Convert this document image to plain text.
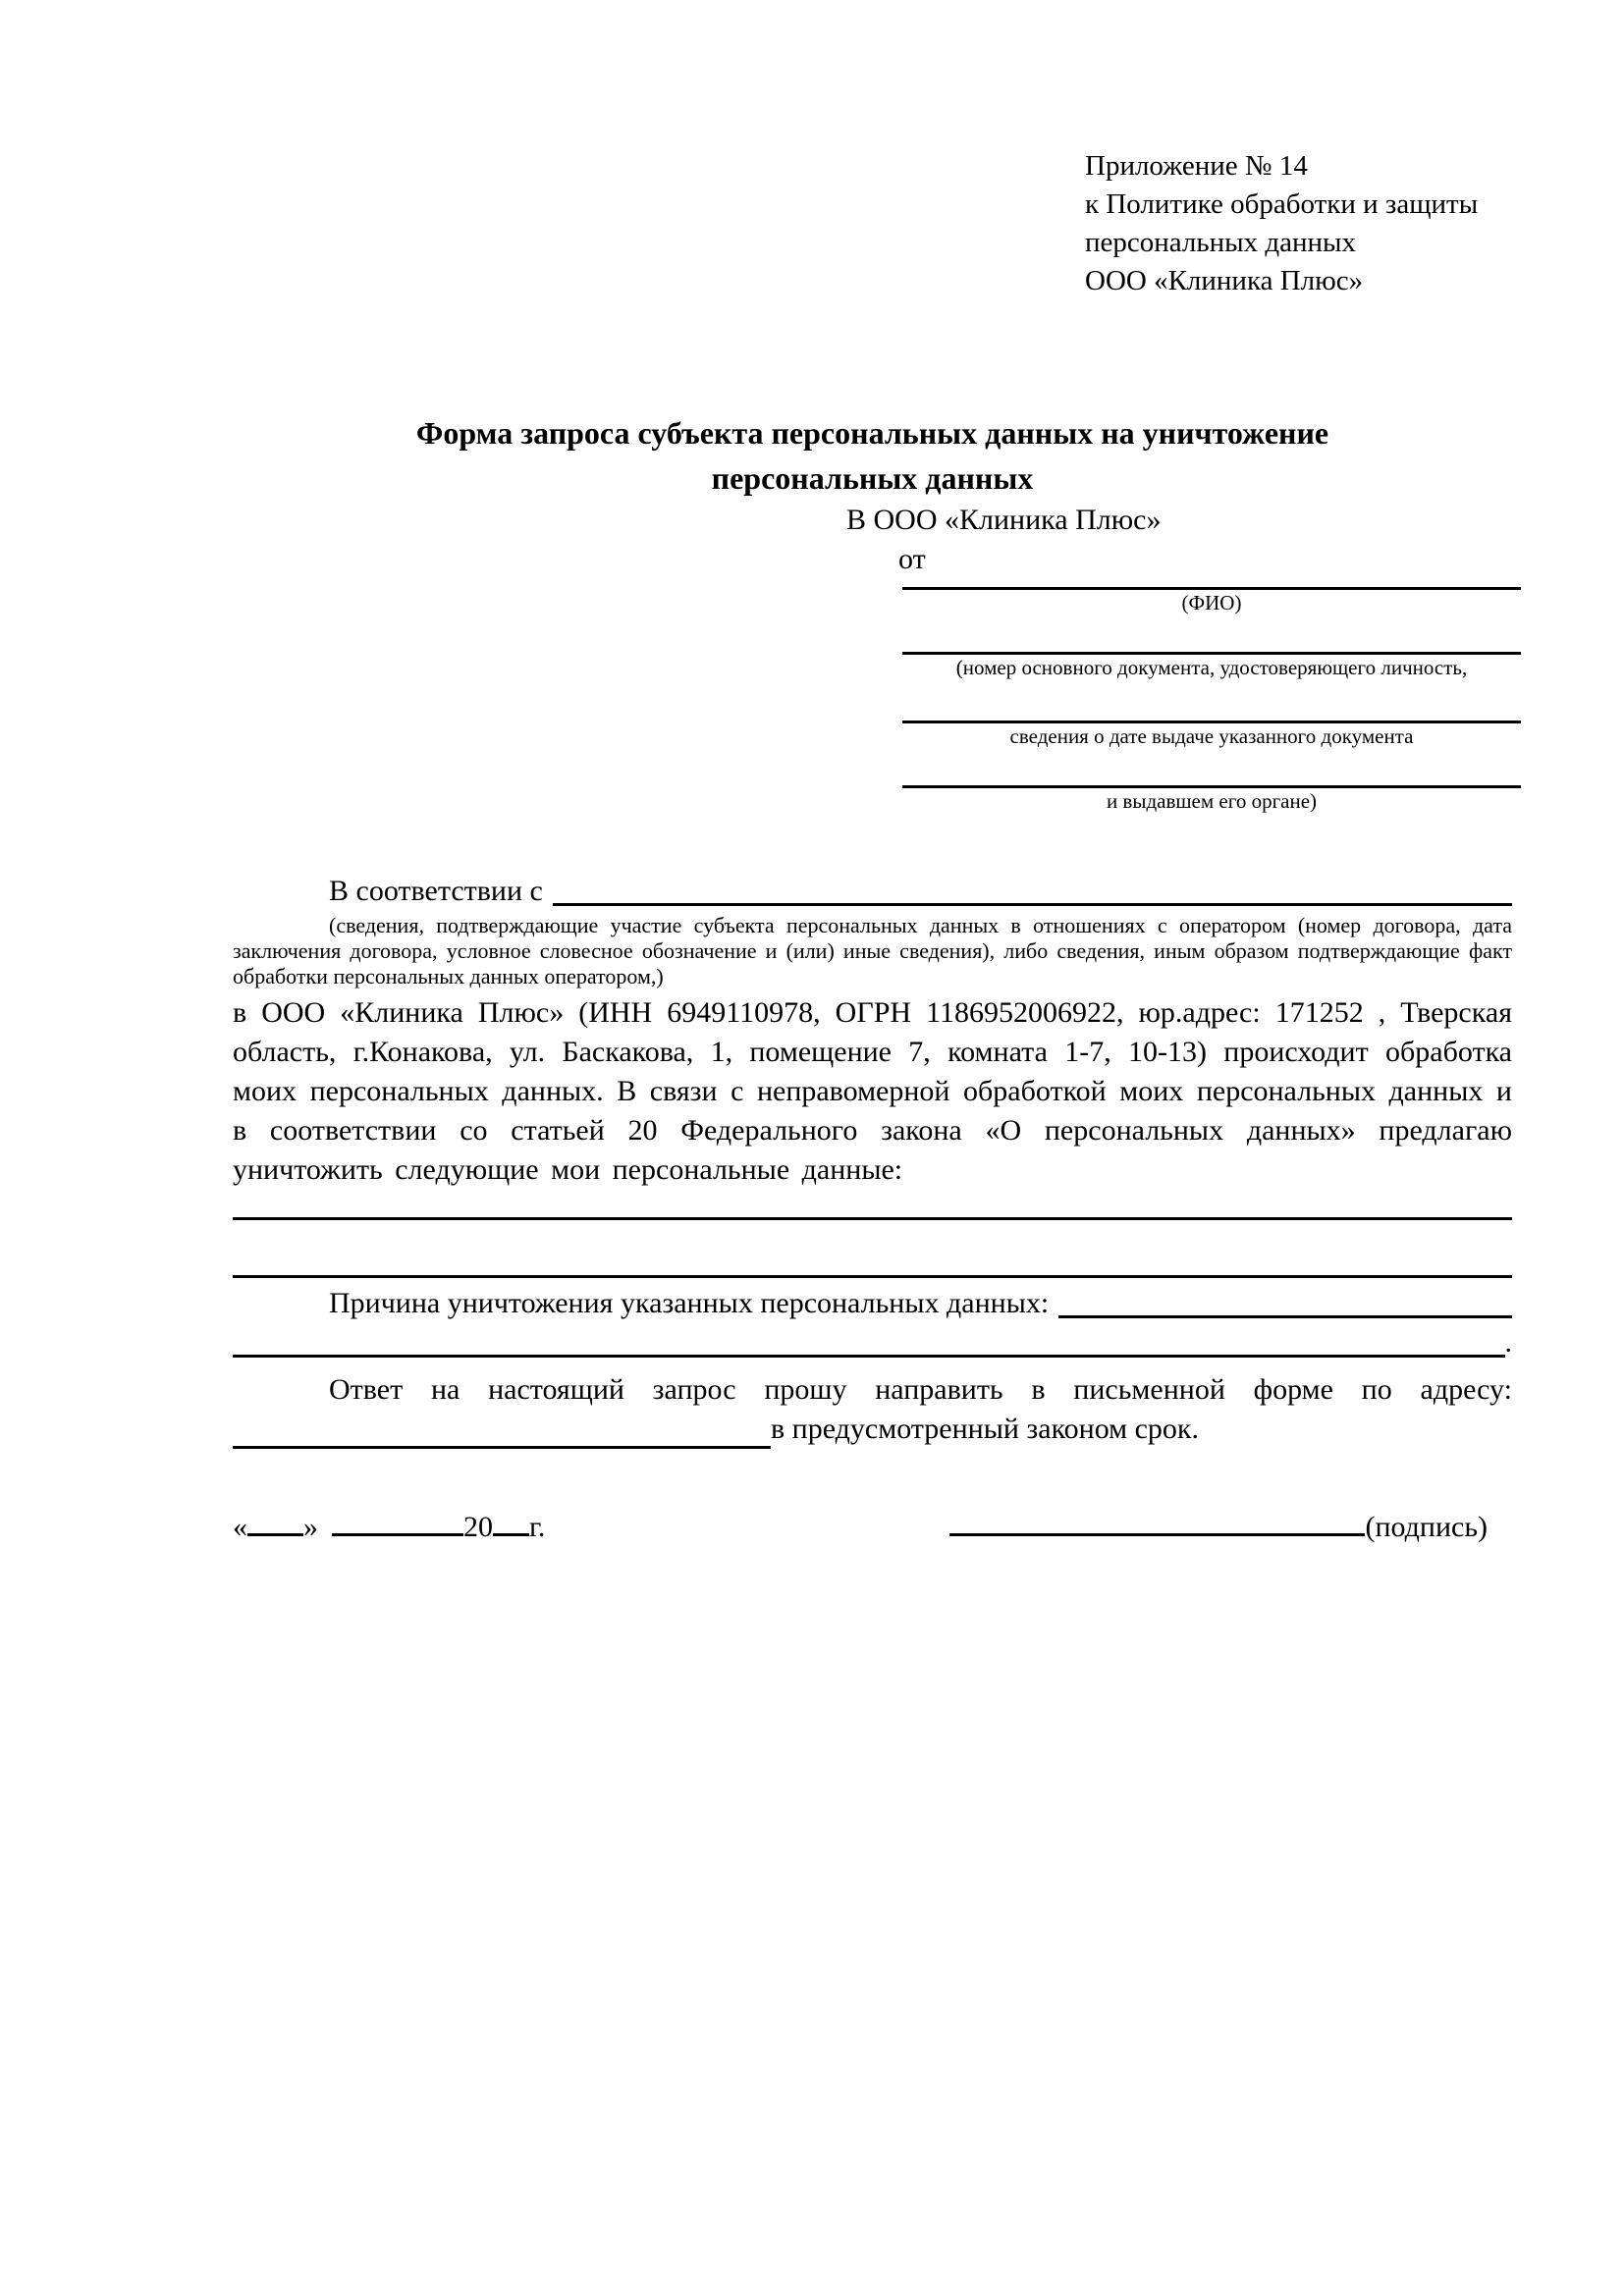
Приложение № 14
к Политике обработки и защиты
персональных данных
ООО «Клиника Плюс»
Форма запроса субъекта персональных данных на уничтожение
персональных данных
В ООО «Клиника Плюс»
от
(ФИО)
(номер основного документа, удостоверяющего личность,
сведения о дате выдаче указанного документа
и выдавшем его органе)
В соответствии с
(сведения, подтверждающие участие субъекта персональных данных в отношениях с оператором (номер договора, дата заключения договора, условное словесное обозначение и (или) иные сведения), либо сведения, иным образом подтверждающие факт обработки персональных данных оператором,)
в ООО «Клиника Плюс» (ИНН 6949110978, ОГРН 1186952006922, юр.адрес: 171252 , Тверская область, г.Конакова, ул. Баскакова, 1, помещение 7, комната 1-7, 10-13) происходит обработка моих персональных данных. В связи с неправомерной обработкой моих персональных данных и в соответствии со статьей 20 Федерального закона «О персональных данных» предлагаю уничтожить следующие мои персональные данные:
Причина уничтожения указанных персональных данных:
.
Ответ на настоящий запрос прошу направить в письменной форме по адресу:
в предусмотренный законом срок.
« »	20 г.	(подпись)
